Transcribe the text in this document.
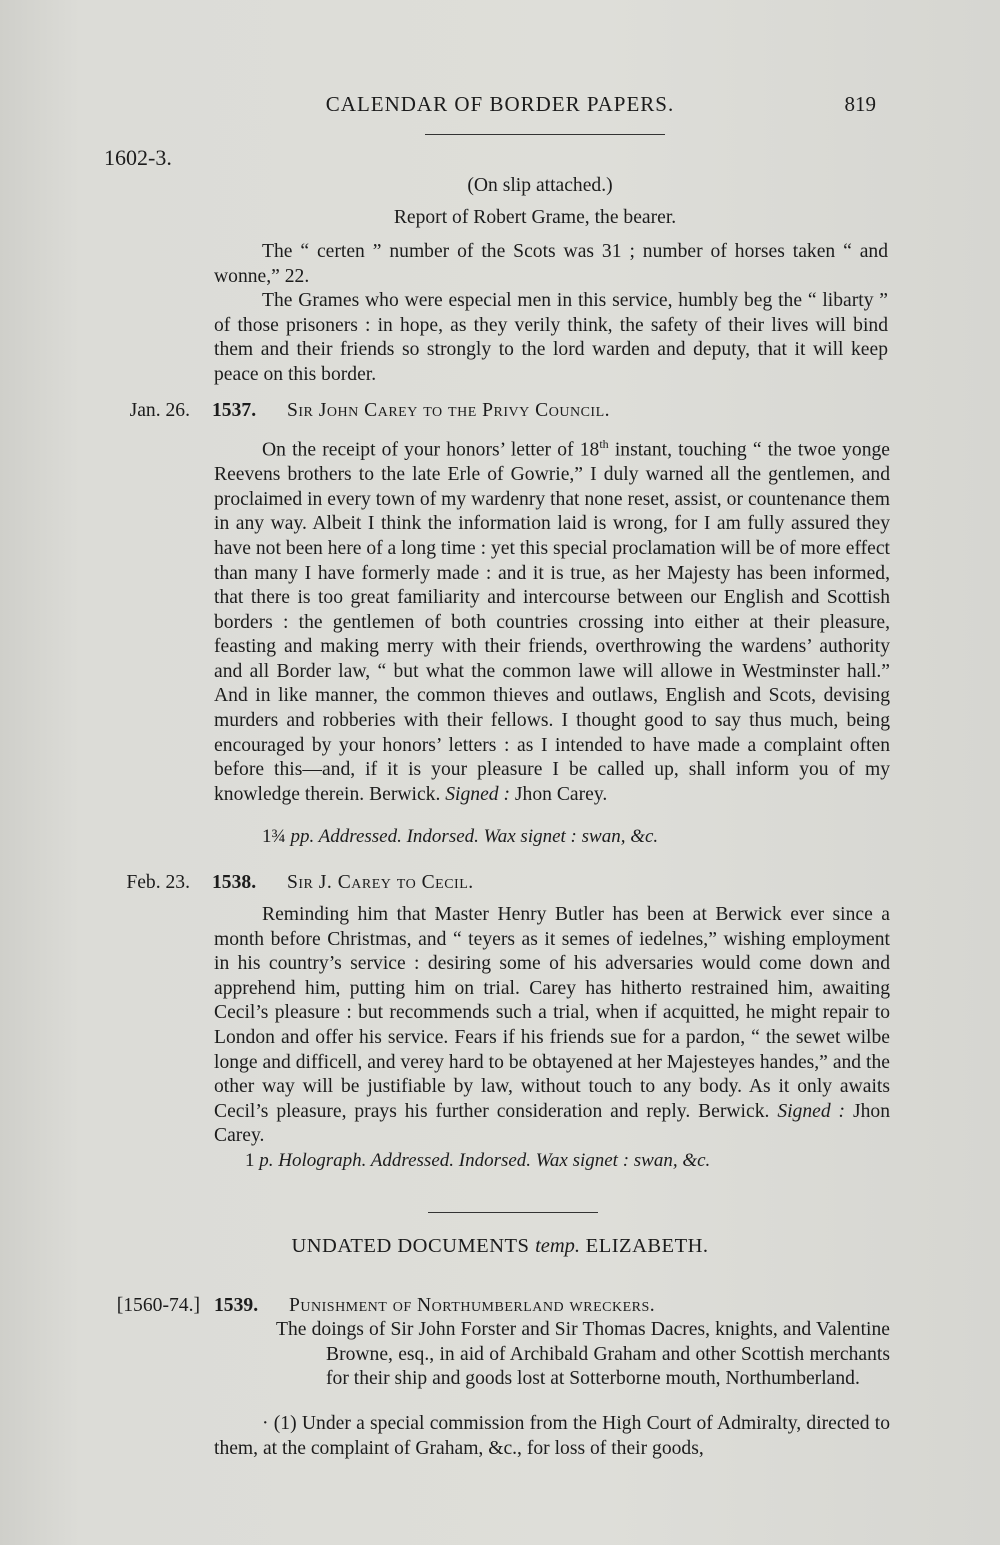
CALENDAR OF BORDER PAPERS.	819
1602-3.
(On slip attached.)
Report of Robert Grame, the bearer.

The “ certen ” number of the Scots was 31 ; number of horses taken “ and wonne,” 22.

The Grames who were especial men in this service, humbly beg the “ libarty ” of those prisoners : in hope, as they verily think, the safety of their lives will bind them and their friends so strongly to the lord warden and deputy, that it will keep peace on this border.

Jan. 26. 1537. Sir John Carey to the Privy Council.

On the receipt of your honors’ letter of 18th instant, touching “ the twoe yonge Reevens brothers to the late Erle of Gowrie,” I duly warned all the gentlemen, and proclaimed in every town of my wardenry that none reset, assist, or countenance them in any way. Albeit I think the information laid is wrong, for I am fully assured they have not been here of a long time : yet this special proclamation will be of more effect than many I have formerly made : and it is true, as her Majesty has been informed, that there is too great familiarity and intercourse between our English and Scottish borders : the gentlemen of both countries crossing into either at their pleasure, feasting and making merry with their friends, overthrowing the wardens’ authority and all Border law, “ but what the common lawe will allowe in Westminster hall.” And in like manner, the common thieves and outlaws, English and Scots, devising murders and robberies with their fellows. I thought good to say thus much, being encouraged by your honors’ letters : as I intended to have made a complaint often before this—and, if it is your pleasure I be called up, shall inform you of my knowledge therein. Berwick. Signed : Jhon Carey.

1¾ pp. Addressed. Indorsed. Wax signet : swan, &c.
Feb. 23. 1538. Sir J. Carey to Cecil.

Reminding him that Master Henry Butler has been at Berwick ever since a month before Christmas, and “ teyers as it semes of iedelnes,” wishing employment in his country’s service : desiring some of his adversaries would come down and apprehend him, putting him on trial. Carey has hitherto restrained him, awaiting Cecil’s pleasure : but recommends such a trial, when if acquitted, he might repair to London and offer his service. Fears if his friends sue for a pardon, “ the sewet wilbe longe and difficell, and verey hard to be obtayened at her Majesteyes handes,” and the other way will be justifiable by law, without touch to any body. As it only awaits Cecil’s pleasure, prays his further consideration and reply. Berwick. Signed : Jhon Carey.

1 p. Holograph. Addressed. Indorsed. Wax signet : swan, &c.
UNDATED DOCUMENTS temp. ELIZABETH.
[1560-74.] 1539. Punishment of Northumberland wreckers.

The doings of Sir John Forster and Sir Thomas Dacres, knights, and Valentine Browne, esq., in aid of Archibald Graham and other Scottish merchants for their ship and goods lost at Sotterborne mouth, Northumberland.

· (1) Under a special commission from the High Court of Admiralty, directed to them, at the complaint of Graham, &c., for loss of their goods,
